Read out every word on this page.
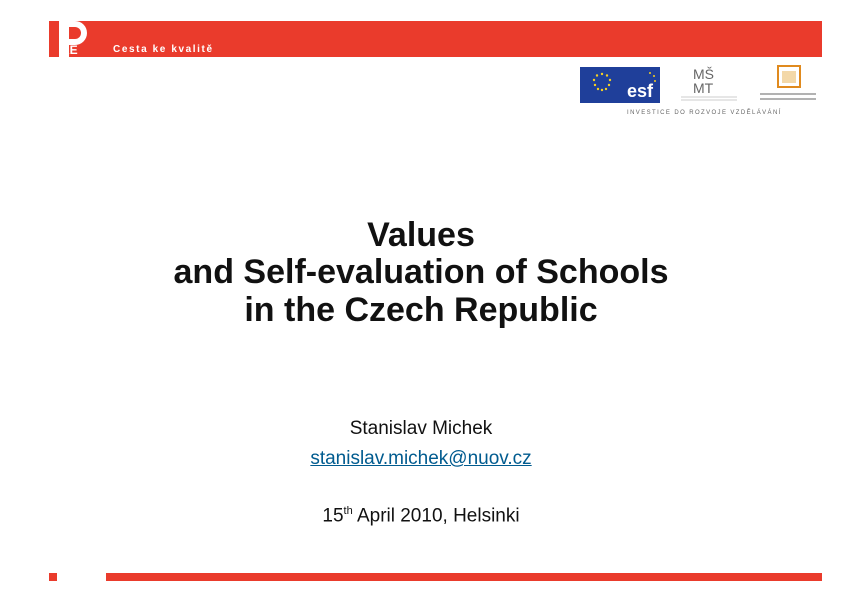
AE	Cesta ke kvalitě
esf
MŠ
MT
INVESTICE DO ROZVOJE VZDĚLÁVÁNÍ
Values
and Self-evaluation of Schools
in the Czech Republic
Stanislav Michek
stanislav.michek@nuov.cz
15th April 2010, Helsinki
